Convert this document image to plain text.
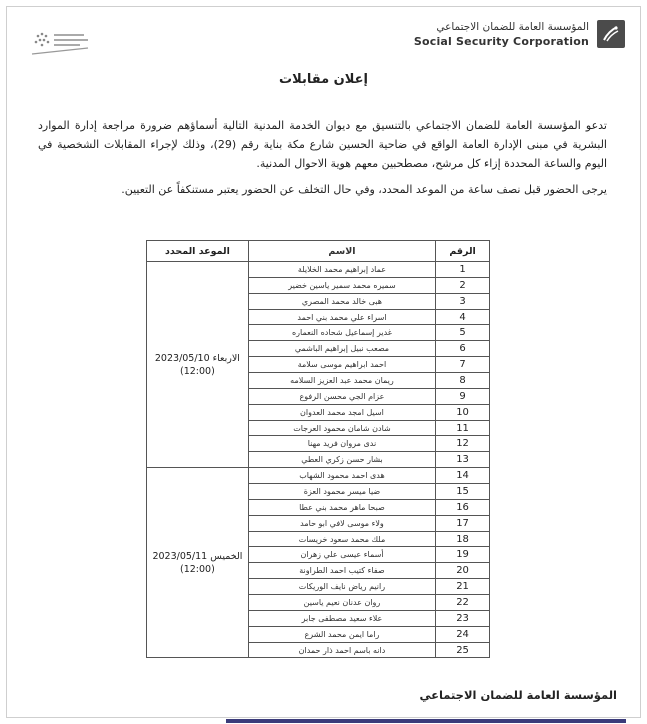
المؤسسة العامة للضمان الاجتماعي
Social Security Corporation
إعلان مقابلات

تدعو المؤسسة العامة للضمان الاجتماعي بالتنسيق مع ديوان الخدمة المدنية التالية أسماؤهم ضرورة مراجعة إدارة الموارد البشرية في مبنى الإدارة العامة الواقع في ضاحية الحسين شارع مكة بناية رقم (29)، وذلك لإجراء المقابلات الشخصية في اليوم والساعة المحددة إزاء كل مرشح، مصطحبين معهم هوية الاحوال المدنية.

يرجى الحضور قبل نصف ساعة من الموعد المحدد، وفي حال التخلف عن الحضور يعتبر مستنكفاً عن التعيين.

الرقم	الاسم	الموعد المحدد
1	عماد إبراهيم محمد الخلايلة	الاربعاء 2023/05/10
(12:00)

2	سميره محمد سمير ياسين خضير	
3	هبى خالد محمد المصري	
4	اسراء علي محمد بني احمد	
5	غدير إسماعيل شحاده النعماره	
6	مصعب نبيل إبراهيم الباشمي	
7	احمد ابراهيم موسى سلامة	
8	ريمان محمد عبد العزيز السلامه	
9	عزام الجي محسن الرفوع	
10	اسيل امجد محمد العدوان	
11	شادن شامان محمود العرجات	
12	ندى مروان فريد مهنا	
13	بشار حسن زكري العطي	
14	هدى احمد محمود الشهاب	الخميس 2023/05/11
(12:00)

15	ضيا ميسر محمود العزة	
16	صبحا ماهر محمد بني عطا	
17	ولاء موسى لافي ابو حامد	
18	ملك محمد سعود خريسات	
19	أسماء عيسى علي زهران	
20	صفاء كتيب احمد الطراونة	
21	رانيم رياض نايف الوريكات	
22	روان عدنان نعيم ياسين	
23	علاء سعيد مصطفى جابر	
24	راما ايمن محمد الشرع	
25	دانه باسم احمد ذار حمدان	
المؤسسة العامة للضمان الاجتماعي
